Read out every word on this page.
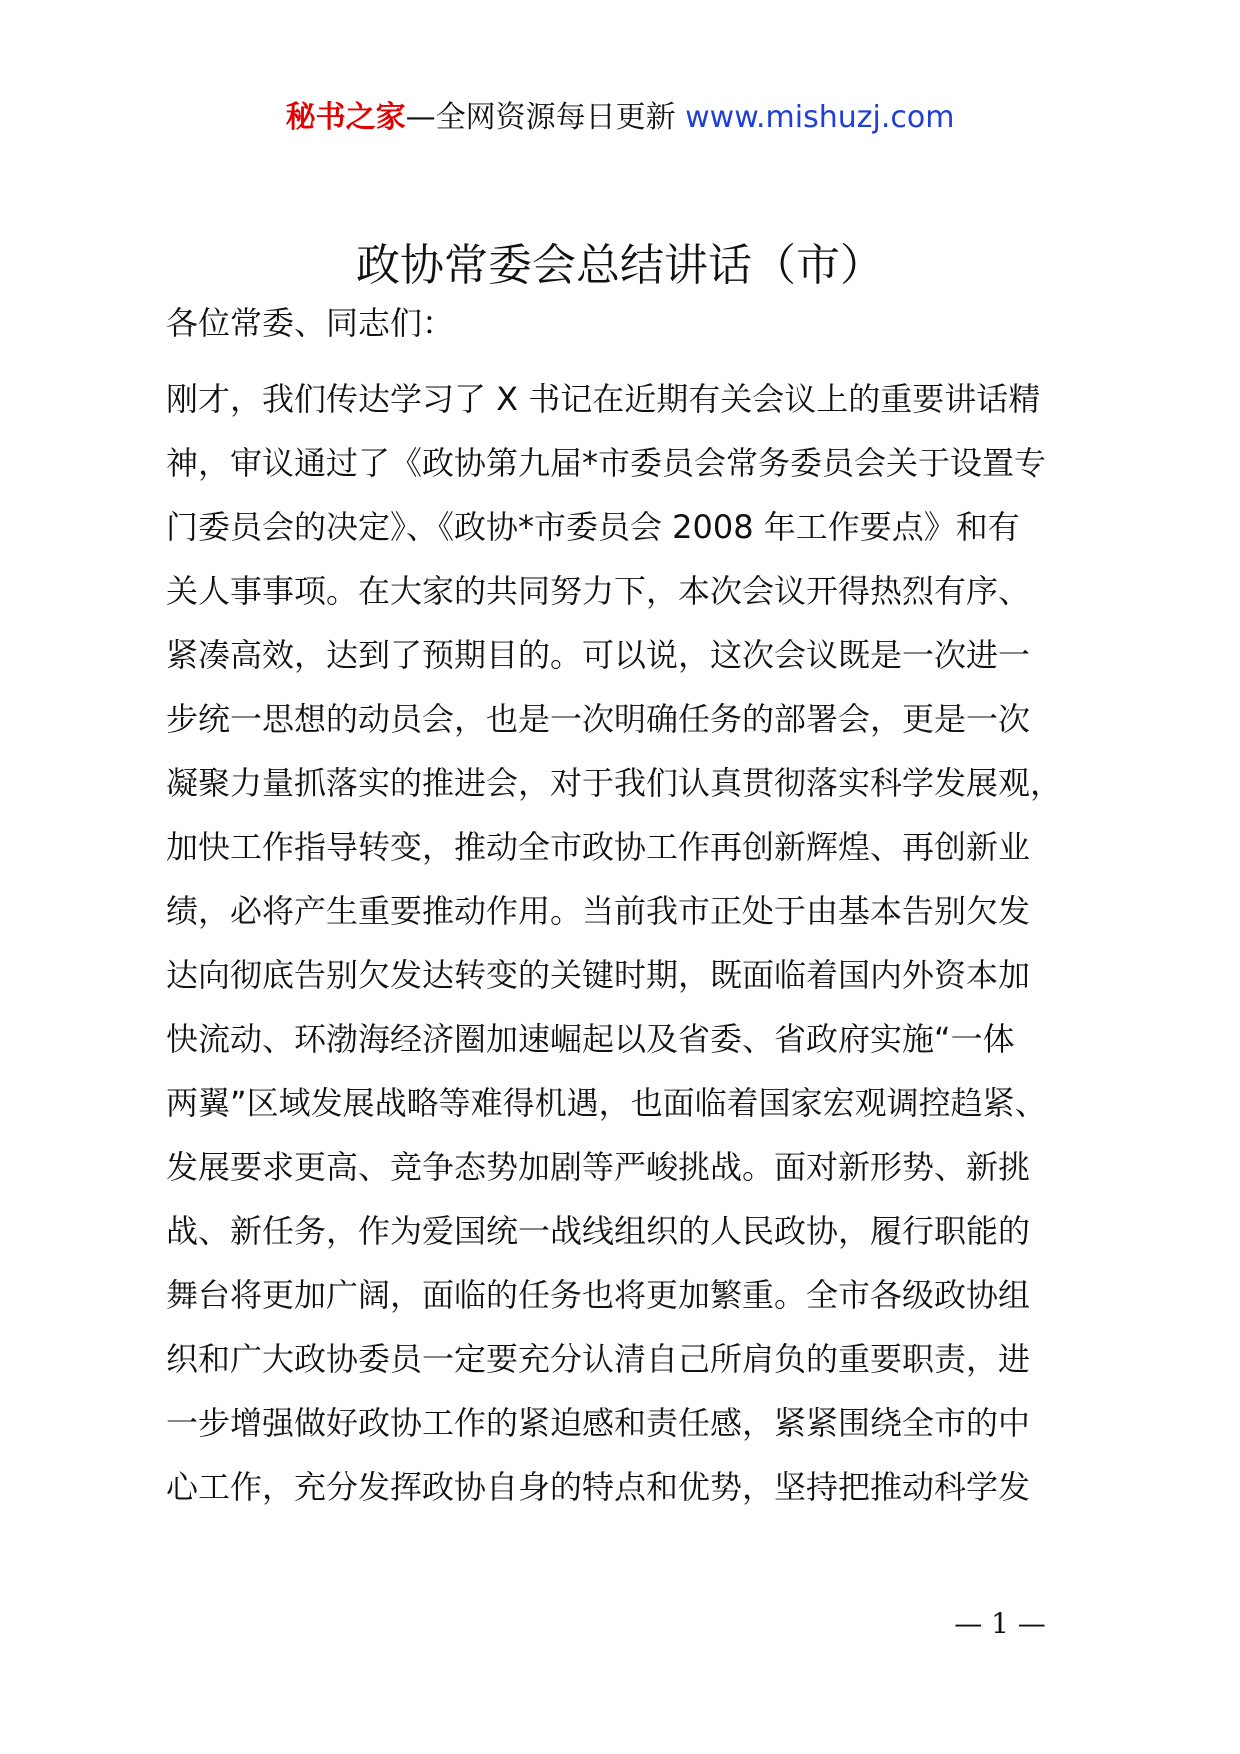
秘书之家—全网资源每日更新 www.mishuzj.com
政协常委会总结讲话（市）
各位常委、同志们：
刚才，我们传达学习了 X 书记在近期有关会议上的重要讲话精
神，审议通过了《政协第九届*市委员会常务委员会关于设置专
门委员会的决定》、《政协*市委员会 2008 年工作要点》和有
关人事事项。在大家的共同努力下，本次会议开得热烈有序、
紧凑高效，达到了预期目的。可以说，这次会议既是一次进一
步统一思想的动员会，也是一次明确任务的部署会，更是一次
凝聚力量抓落实的推进会，对于我们认真贯彻落实科学发展观，
加快工作指导转变，推动全市政协工作再创新辉煌、再创新业
绩，必将产生重要推动作用。当前我市正处于由基本告别欠发
达向彻底告别欠发达转变的关键时期，既面临着国内外资本加
快流动、环渤海经济圈加速崛起以及省委、省政府实施“一体
两翼”区域发展战略等难得机遇，也面临着国家宏观调控趋紧、
发展要求更高、竞争态势加剧等严峻挑战。面对新形势、新挑
战、新任务，作为爱国统一战线组织的人民政协，履行职能的
舞台将更加广阔，面临的任务也将更加繁重。全市各级政协组
织和广大政协委员一定要充分认清自己所肩负的重要职责，进
一步增强做好政协工作的紧迫感和责任感，紧紧围绕全市的中
心工作，充分发挥政协自身的特点和优势，坚持把推动科学发
— 1 —
